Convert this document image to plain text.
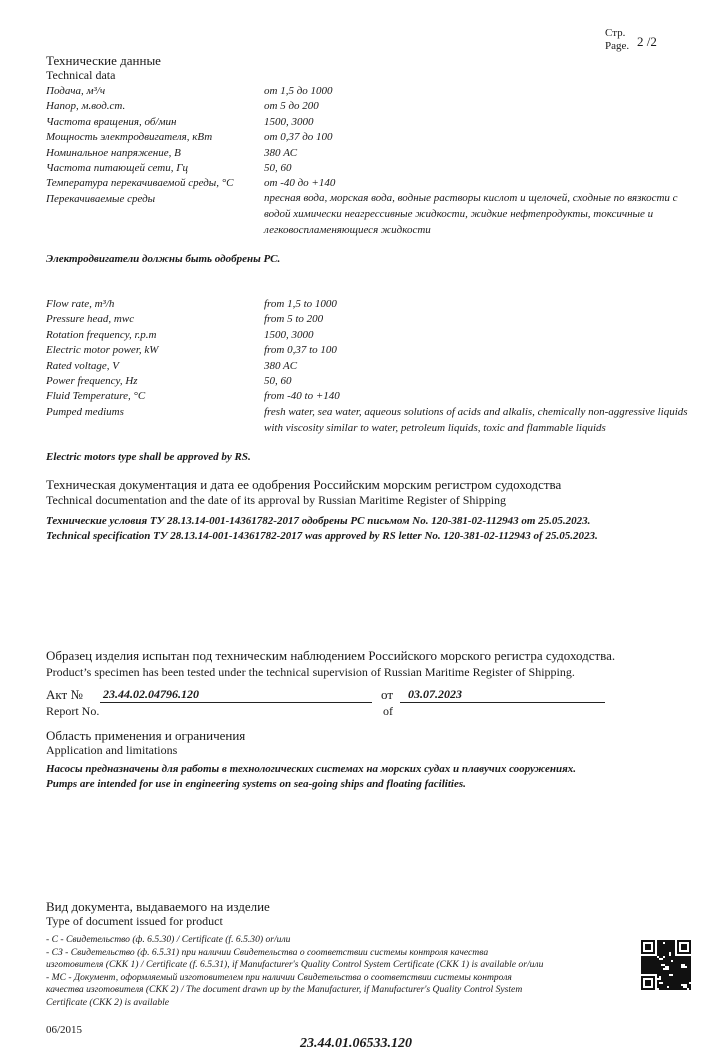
Стр.
Page. 2 /2
Технические данные
Technical data
Подача, м³/ч	от 1,5 до 1000
Напор, м.вод.ст.	от 5 до 200
Частота вращения, об/мин	1500, 3000
Мощность электродвигателя, кВт	от 0,37 до 100
Номинальное напряжение, В	380 АС
Частота питающей сети, Гц	50, 60
Температура перекачиваемой среды, °С	от -40 до +140
Перекачиваемые среды	пресная вода, морская вода, водные растворы кислот и щелочей, сходные по вязкости с водой химически неагрессивные жидкости, жидкие нефтепродукты, токсичные и легковоспламеняющиеся жидкости
Электродвигатели должны быть одобрены РС.
Flow rate, m³/h	from 1,5 to 1000
Pressure head, mwc	from 5 to 200
Rotation frequency, r.p.m	1500, 3000
Electric motor power, kW	from 0,37 to 100
Rated voltage, V	380 AC
Power frequency, Hz	50, 60
Fluid Temperature, °C	from -40 to +140
Pumped mediums	fresh water, sea water, aqueous solutions of acids and alkalis, chemically non-aggressive liquids with viscosity similar to water, petroleum liquids, toxic and flammable liquids
Electric motors type shall be approved by RS.
Техническая документация и дата ее одобрения Российским морским регистром судоходства
Technical documentation and the date of its approval by Russian Maritime Register of Shipping
Технические условия ТУ 28.13.14-001-14361782-2017 одобрены РС письмом No. 120-381-02-112943 от 25.05.2023.
Technical specification ТУ 28.13.14-001-14361782-2017 was approved by RS letter No. 120-381-02-112943 of 25.05.2023.
Образец изделия испытан под техническим наблюдением Российского морского регистра судоходства.
Product’s specimen has been tested under the technical supervision of Russian Maritime Register of Shipping.
Акт №
Report No.
23.44.02.04796.120	от
of
03.07.2023
Область применения и ограничения
Application and limitations
Насосы предназначены для работы в технологических системах на морских судах и плавучих сооружениях.
Pumps are intended for use in engineering systems on sea-going ships and floating facilities.
Вид документа, выдаваемого на изделие
Type of document issued for product
- С - Свидетельство (ф. 6.5.30) / Certificate (f. 6.5.30) or/или
- СЗ - Свидетельство (ф. 6.5.31) при наличии Свидетельства о соответствии системы контроля качества
изготовителя (СКК 1) / Certificate (f. 6.5.31), if Manufacturer's Quality Control System Certificate (СКК 1) is available or/или
- МС - Документ, оформляемый изготовителем при наличии Свидетельства о соответствии системы контроля
качества изготовителя (СКК 2) / The document drawn up by the Manufacturer, if Manufacturer's Quality Control System
Certificate (СКК 2) is available
06/2015
23.44.01.06533.120
